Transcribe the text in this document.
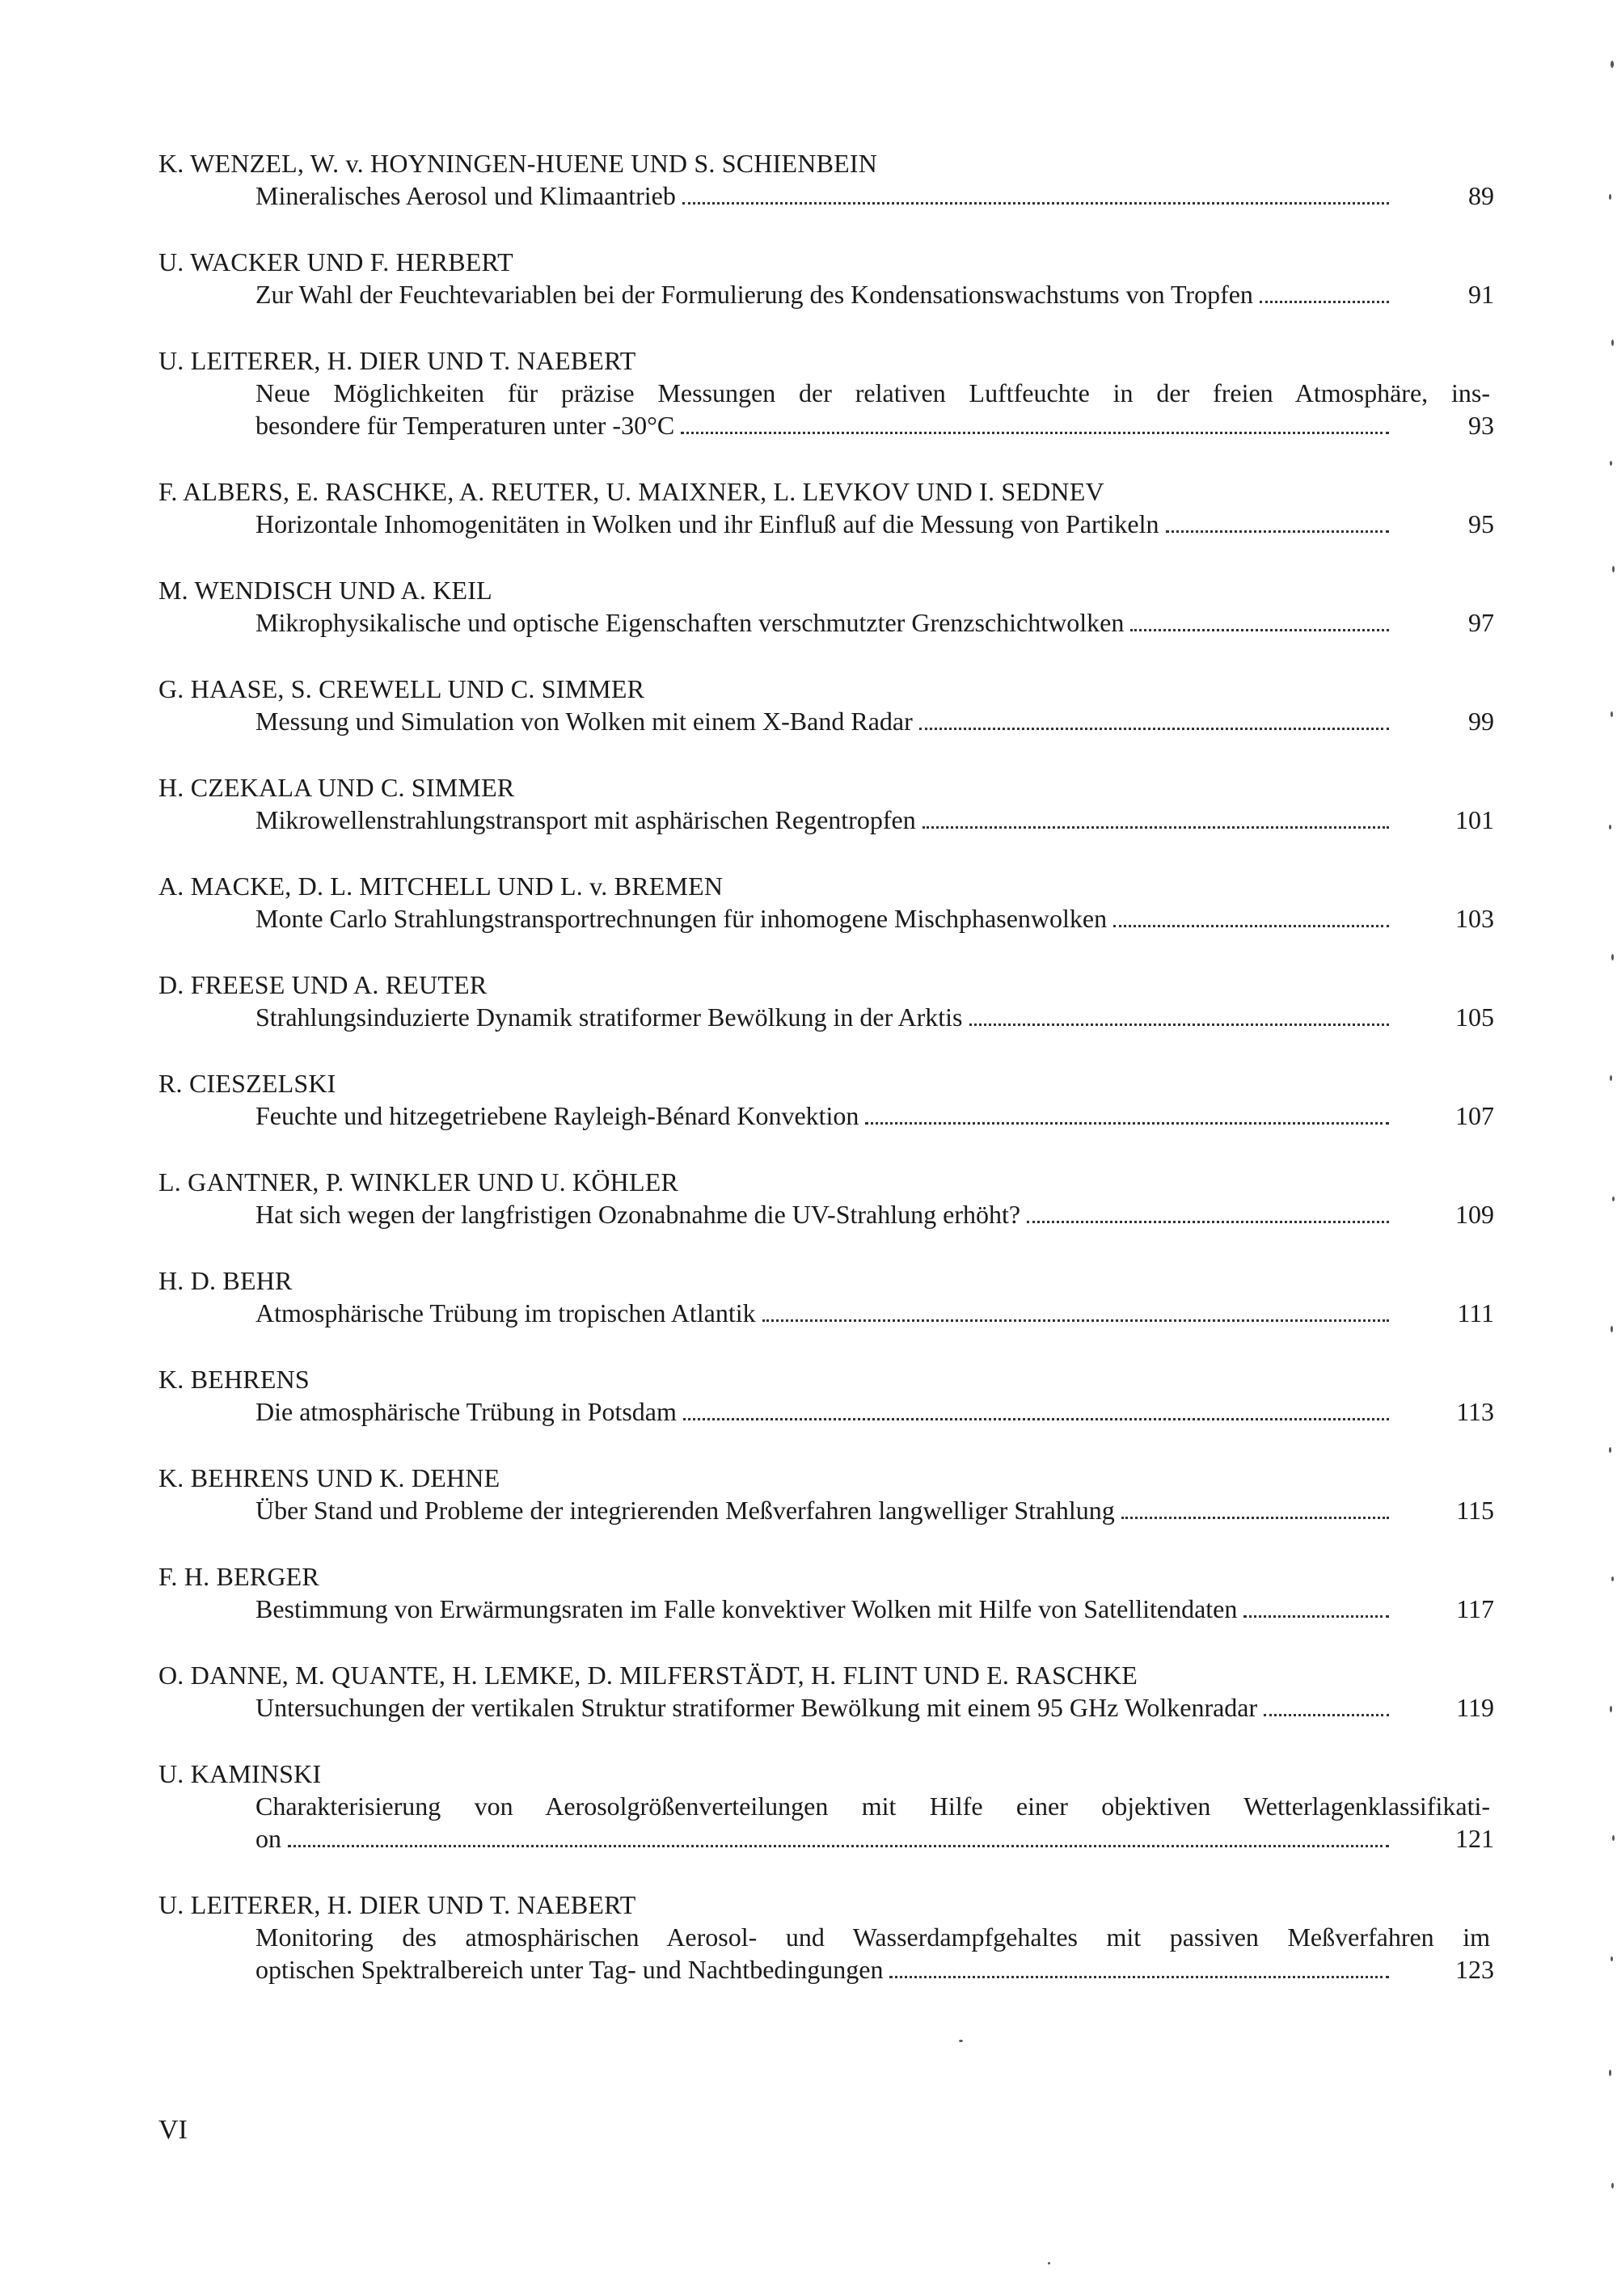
K. WENZEL, W. v. HOYNINGEN-HUENE UND S. SCHIENBEIN
Mineralisches Aerosol und Klimaantrieb	89
U. WACKER UND F. HERBERT
Zur Wahl der Feuchtevariablen bei der Formulierung des Kondensationswachstums von Tropfen	91
U. LEITERER, H. DIER UND T. NAEBERT
Neue Möglichkeiten für präzise Messungen der relativen Luftfeuchte in der freien Atmosphäre, ins-
besondere für Temperaturen unter -30°C	93
F. ALBERS, E. RASCHKE, A. REUTER, U. MAIXNER, L. LEVKOV UND I. SEDNEV
Horizontale Inhomogenitäten in Wolken und ihr Einfluß auf die Messung von Partikeln	95
M. WENDISCH UND A. KEIL
Mikrophysikalische und optische Eigenschaften verschmutzter Grenzschichtwolken	97
G. HAASE, S. CREWELL UND C. SIMMER
Messung und Simulation von Wolken mit einem X-Band Radar	99
H. CZEKALA UND C. SIMMER
Mikrowellenstrahlungstransport mit asphärischen Regentropfen	101
A. MACKE, D. L. MITCHELL UND L. v. BREMEN
Monte Carlo Strahlungstransportrechnungen für inhomogene Mischphasenwolken	103
D. FREESE UND A. REUTER
Strahlungsinduzierte Dynamik stratiformer Bewölkung in der Arktis	105
R. CIESZELSKI
Feuchte und hitzegetriebene Rayleigh-Bénard Konvektion	107
L. GANTNER, P. WINKLER UND U. KÖHLER
Hat sich wegen der langfristigen Ozonabnahme die UV-Strahlung erhöht?	109
H. D. BEHR
Atmosphärische Trübung im tropischen Atlantik	111
K. BEHRENS
Die atmosphärische Trübung in Potsdam	113
K. BEHRENS UND K. DEHNE
Über Stand und Probleme der integrierenden Meßverfahren langwelliger Strahlung	115
F. H. BERGER
Bestimmung von Erwärmungsraten im Falle konvektiver Wolken mit Hilfe von Satellitendaten	117
O. DANNE, M. QUANTE, H. LEMKE, D. MILFERSTÄDT, H. FLINT UND E. RASCHKE
Untersuchungen der vertikalen Struktur stratiformer Bewölkung mit einem 95 GHz Wolkenradar	119
U. KAMINSKI
Charakterisierung von Aerosolgrößenverteilungen mit Hilfe einer objektiven Wetterlagenklassifikati-
on	121
U. LEITERER, H. DIER UND T. NAEBERT
Monitoring des atmosphärischen Aerosol- und Wasserdampfgehaltes mit passiven Meßverfahren im
optischen Spektralbereich unter Tag- und Nachtbedingungen	123
VI
